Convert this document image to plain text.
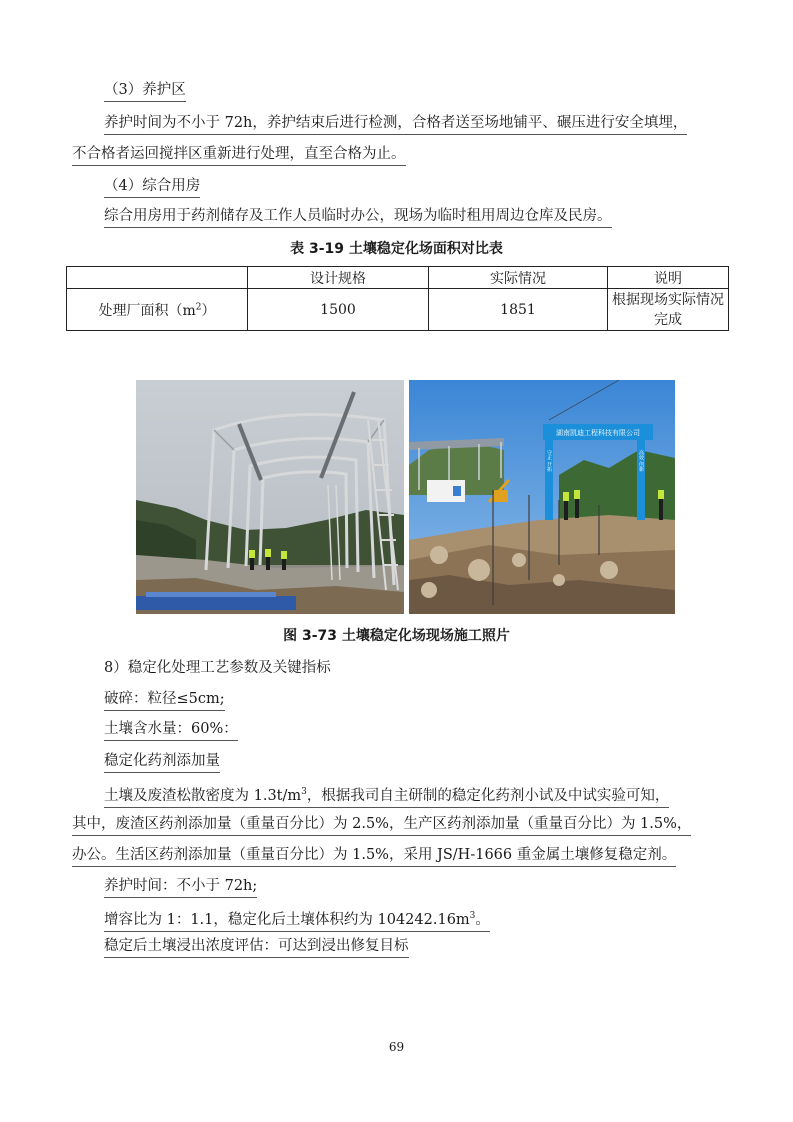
（3）养护区
养护时间为不小于 72h，养护结束后进行检测，合格者送至场地铺平、碾压进行安全填埋，
不合格者运回搅拌区重新进行处理，直至合格为止。
（4）综合用房
综合用房用于药剂储存及工作人员临时办公，现场为临时租用周边仓库及民房。
表 3-19 土壤稳定化场面积对比表
	设计规格	实际情况	说明
处理厂面积$(m^2)$	1500	1851	根据现场实际情况
完成
湖南凯迪工程科技有限公司
守正 开拓	高效 创新
图 3-73 土壤稳定化场现场施工照片
8）稳定化处理工艺参数及关键指标
破碎：粒径≤5cm;
土壤含水量：60%：
稳定化药剂添加量
土壤及废渣松散密度为 $1.3t/m^3$，根据我司自主研制的稳定化药剂小试及中试实验可知，
其中，废渣区药剂添加量（重量百分比）为 2.5%，生产区药剂添加量（重量百分比）为 1.5%，
办公。生活区药剂添加量（重量百分比）为 1.5%，采用 JS/H-1666 重金属土壤修复稳定剂。
养护时间：不小于 72h;
增容比为 1：1.1，稳定化后土壤体积约为 $104242.16m^3$。
稳定后土壤浸出浓度评估：可达到浸出修复目标
69
